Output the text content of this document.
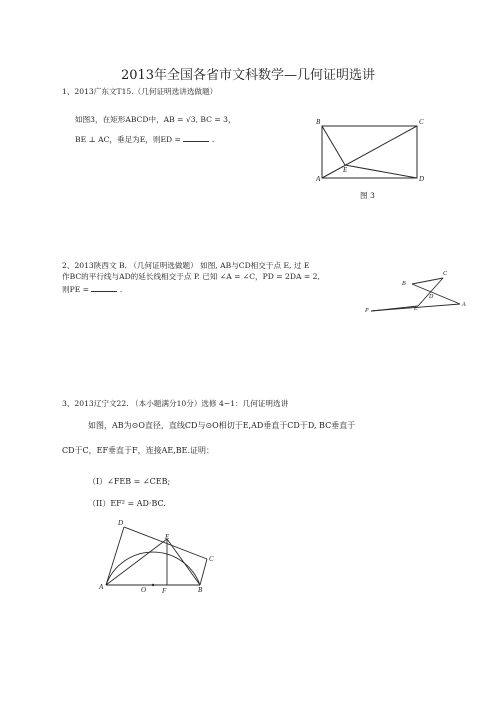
2013年全国各省市文科数学—几何证明选讲
1、2013广东文T15.（几何证明选讲选做题）
如图3，在矩形ABCD中，AB = √3, BC = 3，
BE ⊥ AC，垂足为E，则ED =	.
B	C
A	D
E
图 3
2、2013陕西文 B. （几何证明选做题） 如图, AB与CD相交于点 E, 过 E
作BC的平行线与AD的延长线相交于点 P. 已知 ∠A = ∠C，PD = 2DA = 2,
则PE =	.
C
B
D
A
E
P
3、2013辽宁文22. （本小题满分10分）选修 4−1：几何证明选讲
如图，AB为⊙O直径，直线CD与⊙O相切于E,AD垂直于CD于D, BC垂直于
CD于C，EF垂直于F，连接AE,BE.证明：
（I）∠FEB = ∠CEB;
（II）EF² = AD·BC.
D
E
C
A	O F	B
